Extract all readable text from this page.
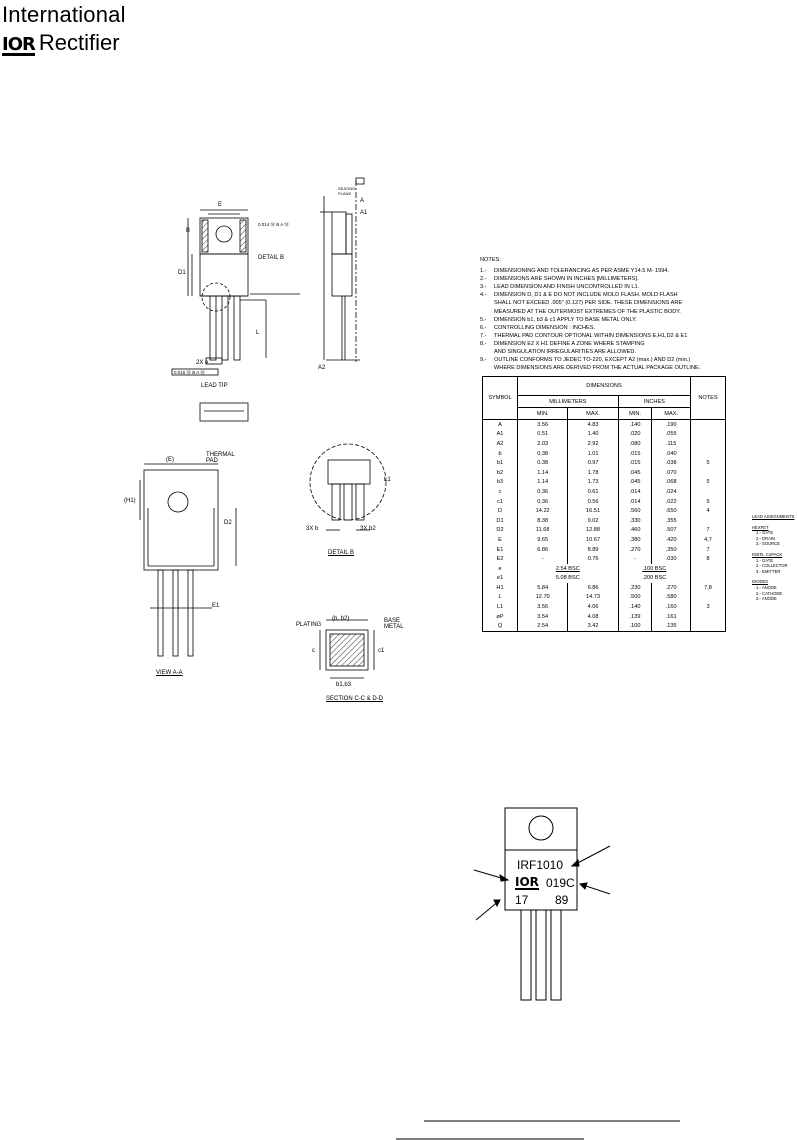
International
IOR Rectifier
LEAD TIP
SEATING PLANE
E
B
D1
DETAIL B
L
2X e
0.015 Ⓜ B A Ⓜ
0.014 Ⓜ B A Ⓜ
A1
A
A2
(E)
THERMAL PAD
(H1)
D2
E1
VIEW A-A
3X b	3X b2
L1
DETAIL B
PLATING
(b, b2)	BASE METAL
c	c1
b1,b3
SECTION C-C & D-D
NOTES:
1.-	DIMENSIONING AND TOLERANCING AS PER ASME Y14.5 M- 1994.
2.-	DIMENSIONS ARE SHOWN IN INCHES [MILLIMETERS].
3.-	LEAD DIMENSION AND FINISH UNCONTROLLED IN L1.
4.-	DIMENSION D, D1 & E DO NOT INCLUDE MOLD FLASH. MOLD FLASH
SHALL NOT EXCEED .005" (0.127) PER SIDE. THESE DIMENSIONS ARE
MEASURED AT THE OUTERMOST EXTREMES OF THE PLASTIC BODY.
5.-	DIMENSION b1, b3 & c1 APPLY TO BASE METAL ONLY.
6.-	CONTROLLING DIMENSION : INCHES.
7.-	THERMAL PAD CONTOUR OPTIONAL WITHIN DIMENSIONS E,H1,D2 & E1
8.-	DIMENSION E2 X H1 DEFINE A ZONE WHERE STAMPING
AND SINGULATION IRREGULARITIES ARE ALLOWED.
9.-	OUTLINE CONFORMS TO JEDEC TO-220, EXCEPT A2 (max.) AND D2 (min.)
WHERE DIMENSIONS ARE DERIVED FROM THE ACTUAL PACKAGE OUTLINE.
SYMBOL	DIMENSIONS				NOTES
	MILLIMETERS		INCHES		
	MIN.	MAX.	MIN.	MAX.	
A	3.56	4.83	.140	.190	
A1	0.51	1.40	.020	.055	
A2	2.03	2.92	.080	.115	
b	0.38	1.01	.015	.040	
b1	0.38	0.97	.015	.038	5
b2	1.14	1.78	.045	.070	
b3	1.14	1.73	.045	.068	5
c	0.36	0.61	.014	.024	
c1	0.36	0.56	.014	.022	5
D	14.22	16.51	.560	.650	4
D1	8.38	9.02	.330	.355	
D2	11.68	12.88	.460	.507	7
E	9.65	10.67	.380	.420	4,7
E1	6.86	8.89	.270	.350	7
E2	-	0.76	-	.030	8
e	2.54 BSC		.100 BSC		
e1	5.08 BSC		.200 BSC		
H1	5.84	6.86	.230	.270	7,8
L	12.70	14.73	.500	.580	
L1	3.56	4.06	.140	.160	3
øP	3.54	4.08	.139	.161	
Q	2.54	3.42	.100	.135	
LEAD ASSIGNMENTS
HEXFET
1.- GATE
2.- DRAIN
3.- SOURCE
IGBTs, CoPACK
1.- GATE
2.- COLLECTOR
3.- EMITTER
DIODES
1.- ANODE
2.- CATHODE
3.- ANODE
IRF1010
IOR 019C
17 89
